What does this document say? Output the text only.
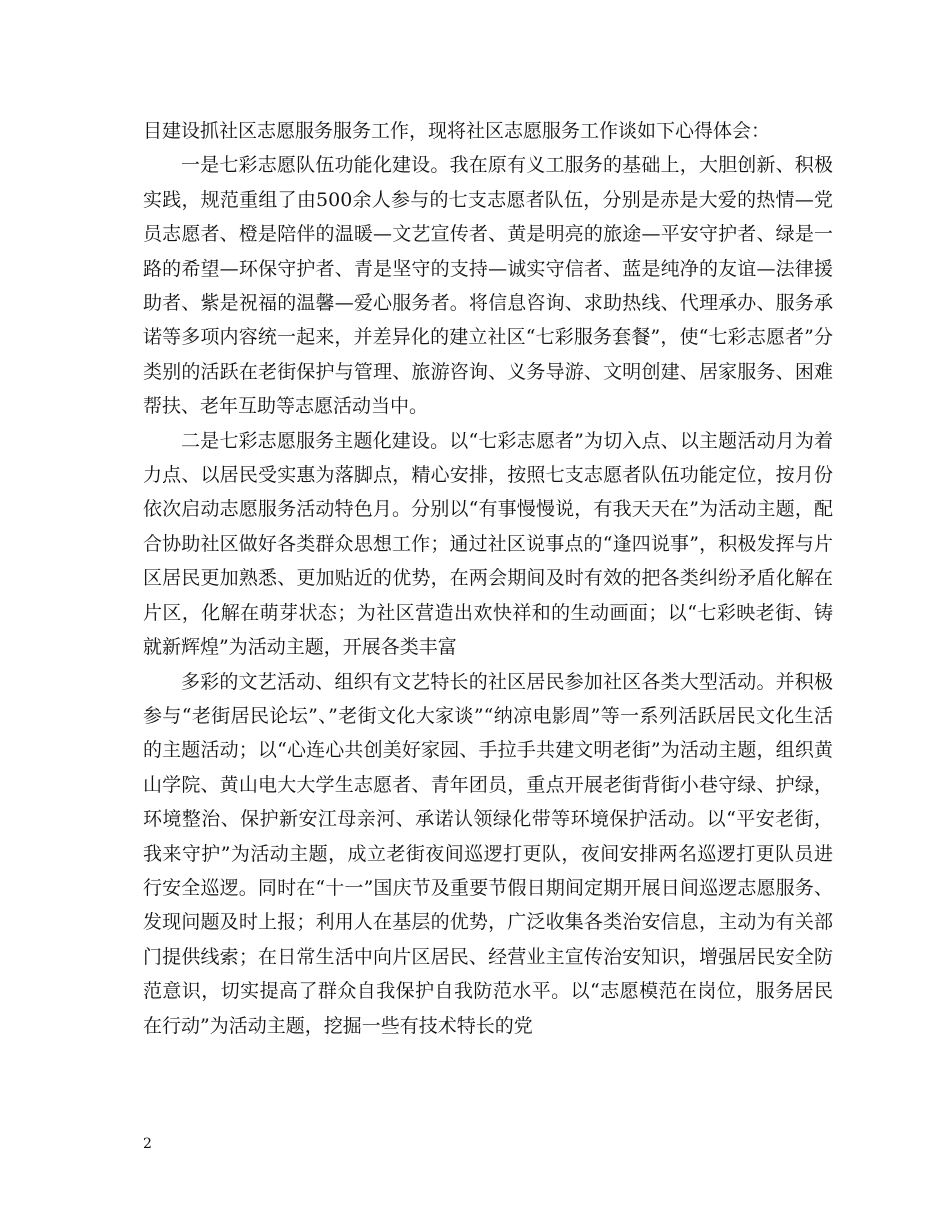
目建设抓社区志愿服务服务工作，现将社区志愿服务工作谈如下心得体会：

一是七彩志愿队伍功能化建设。我在原有义工服务的基础上，大胆创新、积极实践，规范重组了由500余人参与的七支志愿者队伍，分别是赤是大爱的热情—党员志愿者、橙是陪伴的温暖—文艺宣传者、黄是明亮的旅途—平安守护者、绿是一路的希望—环保守护者、青是坚守的支持—诚实守信者、蓝是纯净的友谊—法律援助者、紫是祝福的温馨—爱心服务者。将信息咨询、求助热线、代理承办、服务承诺等多项内容统一起来，并差异化的建立社区“七彩服务套餐”，使“七彩志愿者”分类别的活跃在老街保护与管理、旅游咨询、义务导游、文明创建、居家服务、困难帮扶、老年互助等志愿活动当中。

二是七彩志愿服务主题化建设。以“七彩志愿者”为切入点、以主题活动月为着力点、以居民受实惠为落脚点，精心安排，按照七支志愿者队伍功能定位，按月份依次启动志愿服务活动特色月。分别以“有事慢慢说，有我天天在”为活动主题，配合协助社区做好各类群众思想工作；通过社区说事点的“逢四说事”，积极发挥与片区居民更加熟悉、更加贴近的优势，在两会期间及时有效的把各类纠纷矛盾化解在片区，化解在萌芽状态；为社区营造出欢快祥和的生动画面；以“七彩映老街、铸就新辉煌”为活动主题，开展各类丰富

多彩的文艺活动、组织有文艺特长的社区居民参加社区各类大型活动。并积极参与“老街居民论坛”、”老街文化大家谈”“纳凉电影周”等一系列活跃居民文化生活的主题活动；以“心连心共创美好家园、手拉手共建文明老街”为活动主题，组织黄山学院、黄山电大大学生志愿者、青年团员，重点开展老街背街小巷守绿、护绿，环境整治、保护新安江母亲河、承诺认领绿化带等环境保护活动。以“平安老街，我来守护”为活动主题，成立老街夜间巡逻打更队，夜间安排两名巡逻打更队员进行安全巡逻。同时在“十一”国庆节及重要节假日期间定期开展日间巡逻志愿服务、发现问题及时上报；利用人在基层的优势，广泛收集各类治安信息，主动为有关部门提供线索；在日常生活中向片区居民、经营业主宣传治安知识，增强居民安全防范意识，切实提高了群众自我保护自我防范水平。以“志愿模范在岗位，服务居民在行动”为活动主题，挖掘一些有技术特长的党

2
